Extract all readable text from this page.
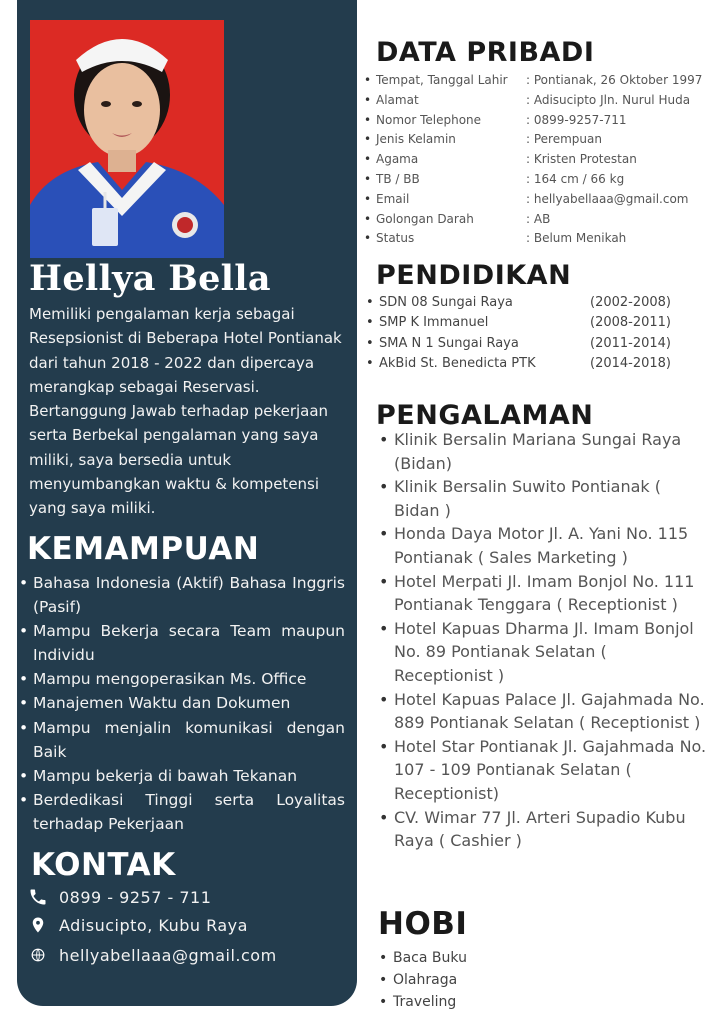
Hellya Bella
Memiliki pengalaman kerja sebagai Resepsionist di Beberapa Hotel Pontianak dari tahun 2018 - 2022 dan dipercaya merangkap sebagai Reservasi. Bertanggung Jawab terhadap pekerjaan serta Berbekal pengalaman yang saya miliki, saya bersedia untuk menyumbangkan waktu & kompetensi yang saya miliki.
KEMAMPUAN
• Bahasa Indonesia (Aktif) Bahasa Inggris (Pasif)
• Mampu Bekerja secara Team maupun Individu
• Mampu mengoperasikan Ms. Office
• Manajemen Waktu dan Dokumen
• Mampu menjalin komunikasi dengan Baik
• Mampu bekerja di bawah Tekanan
• Berdedikasi Tinggi serta Loyalitas terhadap Pekerjaan
KONTAK
0899 - 9257 - 711
Adisucipto, Kubu Raya
hellyabellaaa@gmail.com
DATA PRIBADI
• Tempat, Tanggal Lahir : Pontianak, 26 Oktober 1997
• Alamat	: Adisucipto Jln. Nurul Huda
• Nomor Telephone	: 0899-9257-711
• Jenis Kelamin	: Perempuan
• Agama	: Kristen Protestan
• TB / BB	: 164 cm / 66 kg
• Email	: hellyabellaaa@gmail.com
• Golongan Darah	: AB
• Status	: Belum Menikah
PENDIDIKAN
• SDN 08 Sungai Raya	(2002-2008)
• SMP K Immanuel	(2008-2011)
• SMA N 1 Sungai Raya	(2011-2014)
• AkBid St. Benedicta PTK	(2014-2018)
PENGALAMAN
• Klinik Bersalin Mariana Sungai Raya (Bidan)
• Klinik Bersalin Suwito Pontianak ( Bidan )
• Honda Daya Motor Jl. A. Yani No. 115 Pontianak ( Sales Marketing )
• Hotel Merpati Jl. Imam Bonjol No. 111 Pontianak Tenggara ( Receptionist )
• Hotel Kapuas Dharma Jl. Imam Bonjol No. 89 Pontianak Selatan ( Receptionist )
• Hotel Kapuas Palace Jl. Gajahmada No. 889 Pontianak Selatan ( Receptionist )
• Hotel Star Pontianak Jl. Gajahmada No. 107 - 109 Pontianak Selatan ( Receptionist)
• CV. Wimar 77 Jl. Arteri Supadio Kubu Raya ( Cashier )
HOBI
• Baca Buku
• Olahraga
• Traveling
